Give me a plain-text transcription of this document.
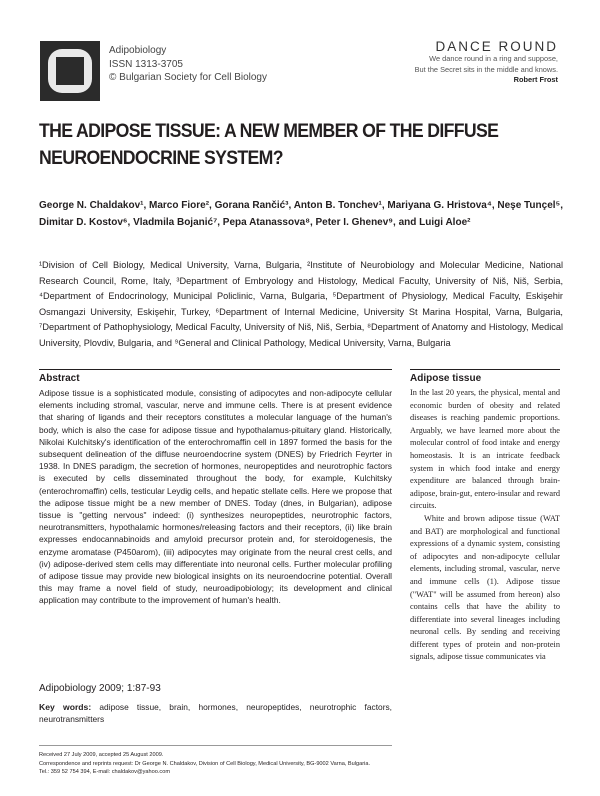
Adipobiology
ISSN 1313-3705
© Bulgarian Society for Cell Biology
DANCE ROUND
We dance round in a ring and suppose,
But the Secret sits in the middle and knows.
Robert Frost
THE ADIPOSE TISSUE: A NEW MEMBER OF THE DIFFUSE NEUROENDOCRINE SYSTEM?
George N. Chaldakov¹, Marco Fiore², Gorana Rančić³, Anton B. Tonchev¹, Mariyana G. Hristova⁴, Neşe Tunçel⁵, Dimitar D. Kostov⁶, Vladmila Bojanić⁷, Pepa Atanassova⁸, Peter I. Ghenev⁹, and Luigi Aloe²
¹Division of Cell Biology, Medical University, Varna, Bulgaria, ²Institute of Neurobiology and Molecular Medicine, National Research Council, Rome, Italy, ³Department of Embryology and Histology, Medical Faculty, University of Niš, Niš, Serbia, ⁴Department of Endocrinology, Municipal Policlinic, Varna, Bulgaria, ⁵Department of Physiology, Medical Faculty, Eskişehir Osmangazi University, Eskişehir, Turkey, ⁶Department of Internal Medicine, University St Marina Hospital, Varna, Bulgaria, ⁷Department of Pathophysiology, Medical Faculty, University of Niš, Niš, Serbia, ⁸Department of Anatomy and Histology, Medical University, Plovdiv, Bulgaria, and ⁹General and Clinical Pathology, Medical University, Varna, Bulgaria
Abstract
Adipose tissue is a sophisticated module, consisting of adipocytes and non-adipocyte cellular elements including stromal, vascular, nerve and immune cells. There is at present evidence that sharing of ligands and their receptors constitutes a molecular language of the human's body, which is also the case for adipose tissue and hypothalamus-pituitary gland. Historically, Nikolai Kulchitsky's identification of the enterochromaffin cell in 1897 formed the basis for the subsequent delineation of the diffuse neuroendocrine system (DNES) by Friedrich Feyrter in 1938. In DNES paradigm, the secretion of hormones, neuropeptides and neurotrophic factors is executed by cells disseminated throughout the body, for example, Kulchitsky (enterochromaffin) cells, testicular Leydig cells, and hepatic stellate cells. Here we propose that the adipose tissue might be a new member of DNES. Today (dnes, in Bulgarian), adipose tissue is "getting nervous" indeed: (i) synthesizes neuropeptides, neurotrophic factors, neurotransmitters, hypothalamic hormones/releasing factors and their receptors, (ii) like brain expresses endocannabinoids and amyloid precursor protein and, for steroidogenesis, the enzyme aromatase (P450arom), (iii) adipocytes may originate from the neural crest cells, and (iv) adipose-derived stem cells may differentiate into neuronal cells. Further molecular profiling of adipose tissue may provide new biological insights on its neuroendocrine potential. Overall this may frame a novel field of study, neuroadipobiology; its development and clinical application may contribute to the improvement of human's health.
Adipobiology 2009; 1:87-93
Key words: adipose tissue, brain, hormones, neuropeptides, neurotrophic factors, neurotransmitters
Received 27 July 2009, accepted 25 August 2009.
Correspondence and reprints request: Dr George N. Chaldakov, Division of Cell Biology, Medical University, BG-9002 Varna, Bulgaria.
Tel.: 359 52 754 394, E-mail: chaldakov@yahoo.com
Adipose tissue

In the last 20 years, the physical, mental and economic burden of obesity and related diseases is reaching pandemic proportions. Arguably, we have learned more about the molecular control of food intake and energy homeostasis. It is an intricate feedback system in which food intake and energy expenditure are balanced through brain-adipose, brain-gut, entero-insular and reward circuits.

White and brown adipose tissue (WAT and BAT) are morphological and functional expressions of a dynamic system, consisting of adipocytes and non-adipocyte cellular elements, including stromal, vascular, nerve and immune cells (1). Adipose tissue ("WAT" will be assumed from hereon) also contains cells that have the ability to differentiate into several lineages including neuronal cells. By sending and receiving different types of protein and non-protein signals, adipose tissue communicates via
